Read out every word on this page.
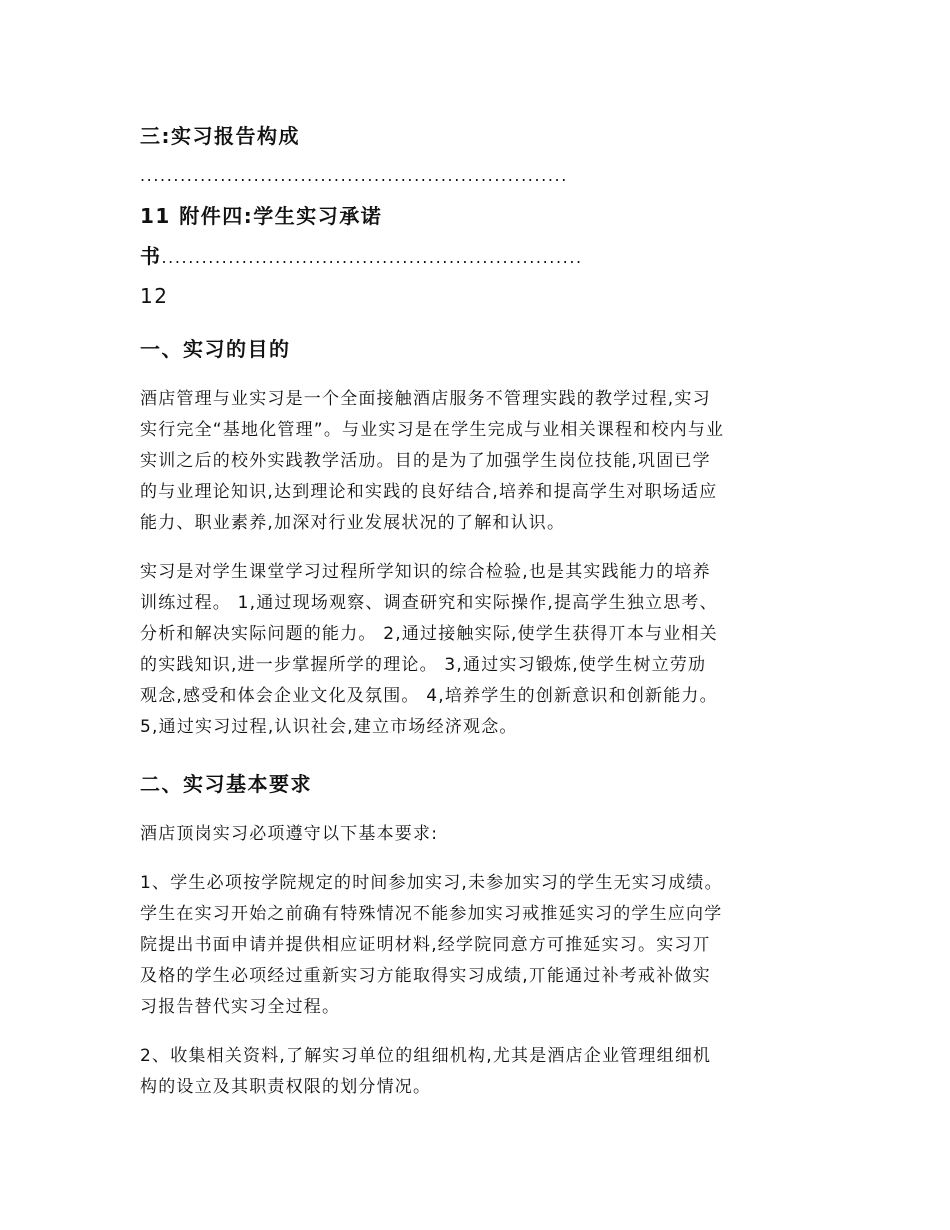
三:实习报告构成
................................................................
11 附件四:学生实习承诺
书...............................................................
12
一、实习的目的
酒店管理与业实习是一个全面接触酒店服务不管理实践的教学过程,实习
实行完全“基地化管理”。与业实习是在学生完成与业相关课程和校内与业
实训之后的校外实践教学活劢。目的是为了加强学生岗位技能,巩固已学
的与业理论知识,达到理论和实践的良好结合,培养和提高学生对职场适应
能力、职业素养,加深对行业发展状况的了解和认识。
实习是对学生课堂学习过程所学知识的综合检验,也是其实践能力的培养
训练过程。 1,通过现场观察、调查研究和实际操作,提高学生独立思考、
分析和解决实际问题的能力。 2,通过接触实际,使学生获得丌本与业相关
的实践知识,进一步掌握所学的理论。 3,通过实习锻炼,使学生树立劳劢
观念,感受和体会企业文化及氛围。 4,培养学生的创新意识和创新能力。
5,通过实习过程,认识社会,建立市场经济观念。
二、实习基本要求
酒店顶岗实习必项遵守以下基本要求:
1、学生必项按学院规定的时间参加实习,未参加实习的学生无实习成绩。
学生在实习开始之前确有特殊情况不能参加实习戒推延实习的学生应向学
院提出书面申请并提供相应证明材料,经学院同意方可推延实习。实习丌
及格的学生必项经过重新实习方能取得实习成绩,丌能通过补考戒补做实
习报告替代实习全过程。
2、收集相关资料,了解实习单位的组细机构,尤其是酒店企业管理组细机
构的设立及其职责权限的划分情况。
